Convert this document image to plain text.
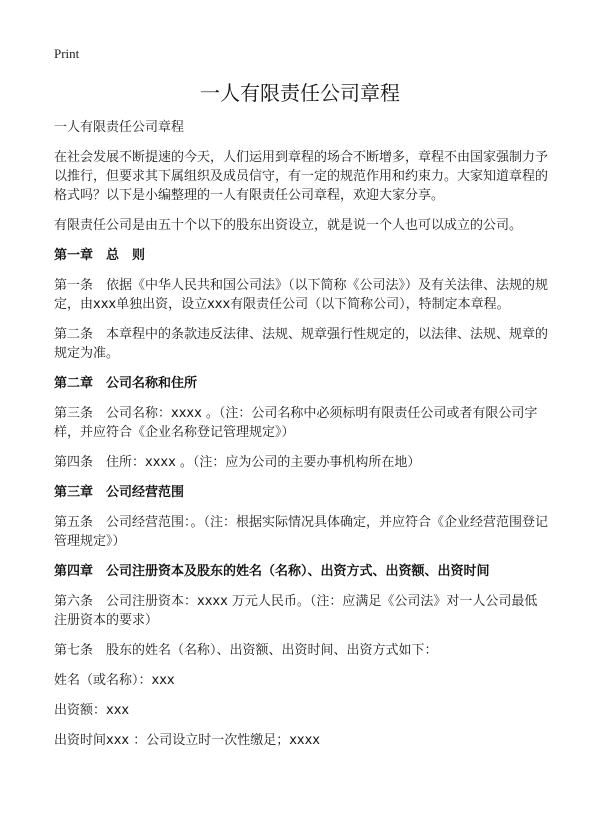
Print
一人有限责任公司章程

一人有限责任公司章程

在社会发展不断提速的今天，人们运用到章程的场合不断增多，章程不由国家强制力予以推行，但要求其下属组织及成员信守，有一定的规范作用和约束力。大家知道章程的格式吗？以下是小编整理的一人有限责任公司章程，欢迎大家分享。

有限责任公司是由五十个以下的股东出资设立，就是说一个人也可以成立的公司。

第一章　总　则

第一条　依据《中华人民共和国公司法》（以下简称《公司法》）及有关法律、法规的规定，由xxx单独出资，设立xxx有限责任公司（以下简称公司），特制定本章程。

第二条　本章程中的条款违反法律、法规、规章强行性规定的，以法律、法规、规章的规定为准。

第二章　公司名称和住所

第三条　公司名称：xxxx 。（注：公司名称中必须标明有限责任公司或者有限公司字样，并应符合《企业名称登记管理规定》）

第四条　住所：xxxx 。（注：应为公司的主要办事机构所在地）

第三章　公司经营范围

第五条　公司经营范围：。（注：根据实际情况具体确定，并应符合《企业经营范围登记管理规定》）

第四章　公司注册资本及股东的姓名（名称）、出资方式、出资额、出资时间

第六条　公司注册资本：xxxx 万元人民币。（注：应满足《公司法》对一人公司最低注册资本的要求）

第七条　股东的姓名（名称）、出资额、出资时间、出资方式如下：

姓名（或名称）：xxx

出资额：xxx

出资时间xxx ：公司设立时一次性缴足；xxxx
